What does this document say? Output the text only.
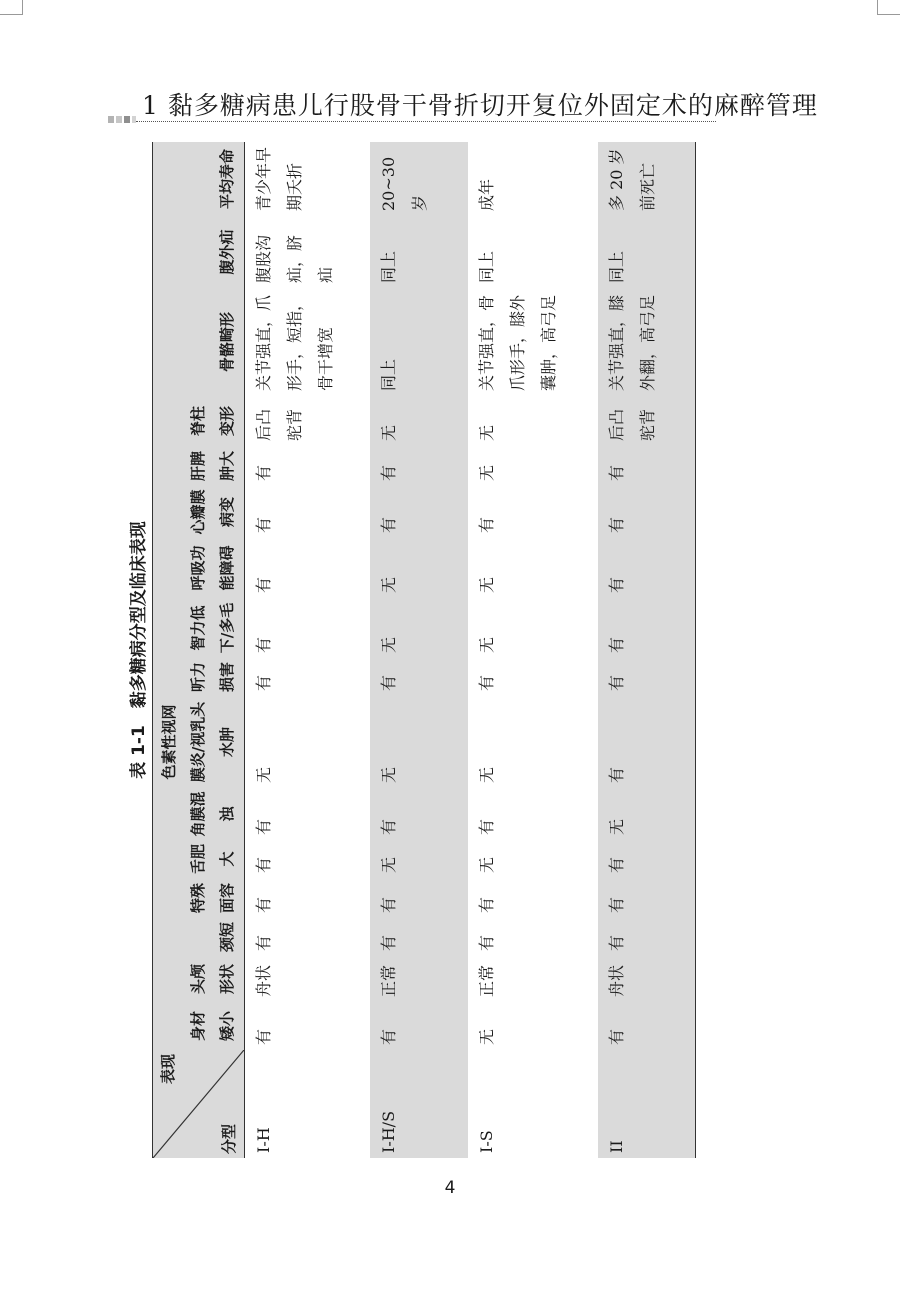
1 黏多糖病患儿行股骨干骨折切开复位外固定术的麻醉管理
表 1-1　黏多糖病分型及临床表现
表现
分型	身材矮小	头颅形状	颈短	特殊面容	舌肥大	角膜混浊	色素性视网膜炎/视乳头水肿	听力损害	智力低下/多毛	呼吸功能障碍	心瓣膜病变	肝脾肿大	脊柱变形	骨骼畸形	腹外疝	平均寿命
I-H	有	舟状	有	有	有	有	无	有	有	有	有	有	后凸驼背	关节强直，爪形手，短指，骨干增宽	腹股沟疝，脐疝	青少年早期夭折
I-H/S	有	正常	有	有	无	有	无	有	无	无	有	有	无	同上	同上	20~30 岁
I-S	无	正常	有	有	无	有	无	有	无	无	有	无	无	关节强直，骨爪形手，膝外囊肿，高弓足	同上	成年
II	有	舟状	有	有	有	无	有	有	有	有	有	有	后凸驼背	关节强直，膝外翻，高弓足	同上	多 20 岁前死亡
4
